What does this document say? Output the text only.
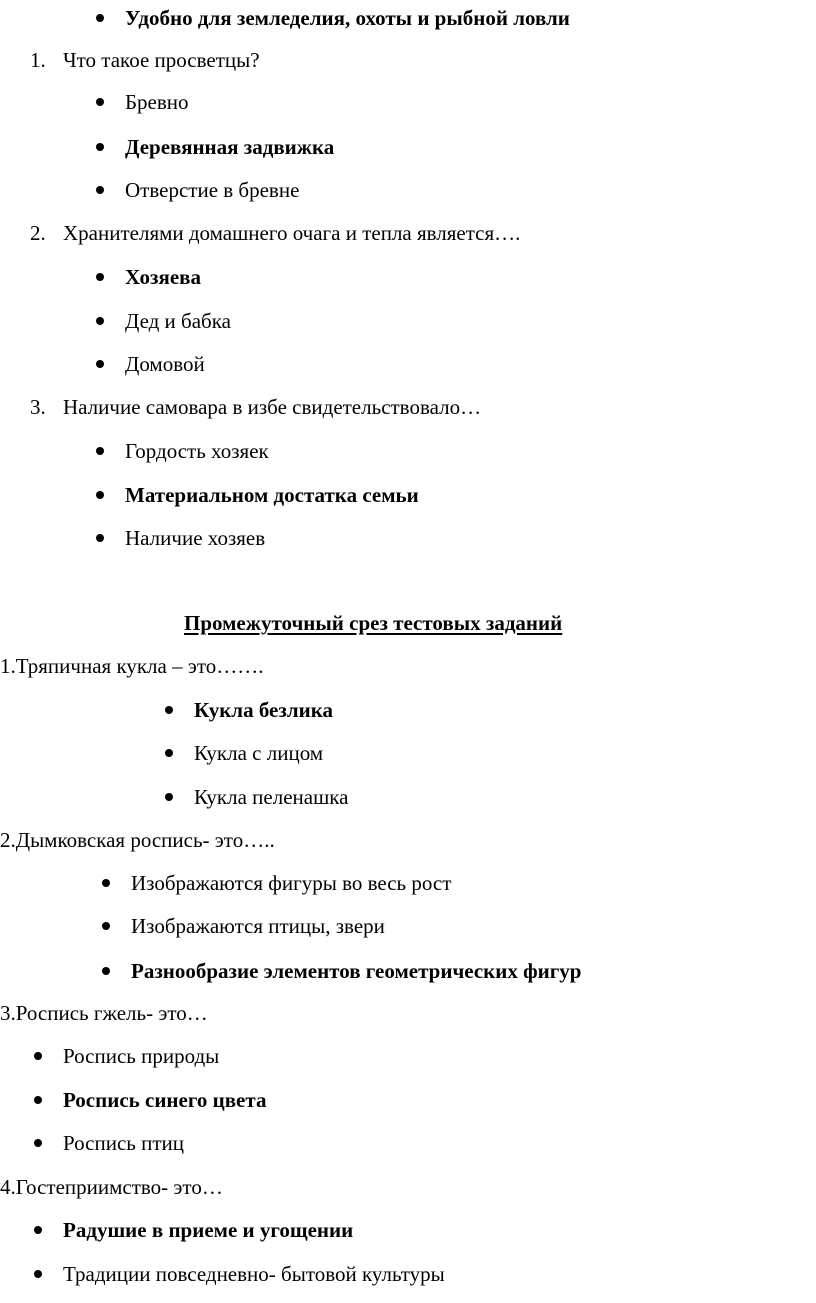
Удобно для земледелия, охоты и рыбной ловли
1. Что такое просветцы?
Бревно
Деревянная задвижка
Отверстие в бревне
2. Хранителями домашнего очага и тепла является….
Хозяева
Дед и бабка
Домовой
3. Наличие самовара в избе свидетельствовало…
Гордость хозяек
Материальном достатка семьи
Наличие хозяев
Промежуточный срез тестовых заданий
1.Тряпичная кукла – это…….
Кукла безлика
Кукла с лицом
Кукла пеленашка
2.Дымковская роспись- это…..
Изображаются фигуры во весь рост
Изображаются птицы, звери
Разнообразие элементов геометрических фигур
3.Роспись гжель- это…
Роспись природы
Роспись синего цвета
Роспись птиц
4.Гостеприимство- это…
Радушие в приеме и угощении
Традиции повседневно- бытовой культуры
